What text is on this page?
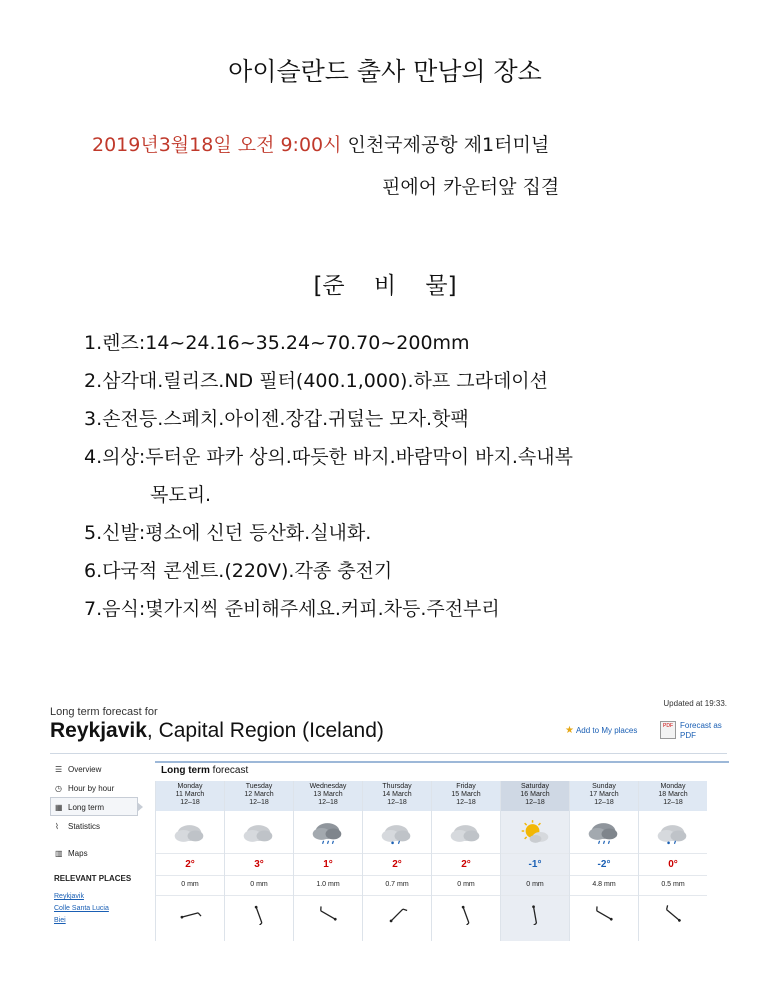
아이슬란드 출사 만남의 장소
2019년3월18일 오전 9:00시 인천국제공항 제1터미널
핀에어 카운터앞 집결
[준    비    물]
1.렌즈:14~24.16~35.24~70.70~200mm
2.삼각대.릴리즈.ND 필터(400.1,000).하프 그라데이션
3.손전등.스페치.아이젠.장갑.귀덮는 모자.핫팩
4.의상:두터운 파카 상의.따듯한 바지.바람막이 바지.속내복
목도리.
5.신발:평소에 신던 등산화.실내화.
6.다국적 콘센트.(220V).각종 충전기
7.음식:몇가지씩 준비해주세요.커피.차등.주전부리
Long term forecast for
Updated at 19:33.
Reykjavik, Capital Region (Iceland)	★ Add to My places	PDF Forecast as
PDF
☰ Overview
◷ Hour by hour
▦ Long term
⌇ Statistics
▥ Maps
RELEVANT PLACES
Reykjavik
Colle Santa Lucia
Biei
Long term forecast
Monday
11 March
12–18
2°
0 mm
Tuesday
12 March
12–18
3°
0 mm
Wednesday
13 March
12–18
1°
1.0 mm
Thursday
14 March
12–18
2°
0.7 mm
Friday
15 March
12–18
2°
0 mm
Saturday
16 March
12–18
-1°
0 mm
Sunday
17 March
12–18
-2°
4.8 mm
Monday
18 March
12–18
0°
0.5 mm
